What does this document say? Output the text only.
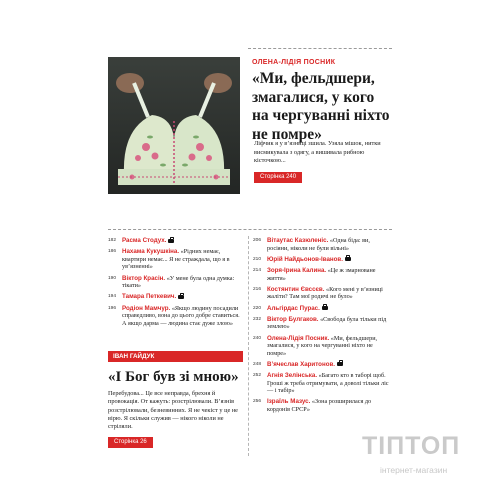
ОЛЕНА-ЛІДІЯ ПОСНИК
«Ми, фельдшери, змагалися, у кого на чергуванні ніхто не помре»

Ліфчик я у в’язниці зшила. Узяла мішок, нитки висмикувала з одягу, а вишивала рибною кісточкою...

Сторінка 240
182 Расма Стодух.
186 Нахама Кукушкіна. «Рідних немає, квартири немає... Я не страждала, що я в ув’язненні»
190 Віктор Красін. «У мене була одна думка: тікати»
194 Тамара Петкевич.
196 Родіон Мамчур. «Якщо людину посадили справедливо, вона до цього добре ставиться. А якщо дарма — людина стає дуже злою»
206 Вітаутас Казюленіс. «Одна біда: ви, росіяни, ніколи не були вільні»
210 Юрій Найдьонов-Іванов.
214 Зоря-Ірина Калина. «Це ж змарноване життя»
216 Костянтин Євссєв. «Кого мені у в’язниці жаліти? Там мої родичі не було»
220 Альгірдас Пурас.
232 Віктор Булгаков. «Свобода була тільки під землею»
240 Олена-Лідія Посник. «Ми, фельдшери, змагалися, у кого на чергуванні ніхто не помре»
248 В’ячеслав Харитонов.
252 Агнія Зелінська. «Багато кто в таборі щоб. Гроші ж треба отримувати, а доволі тільки ліс — і табір»
256 Ізраїль Мазус. «Зона розширилася до кордонів СРСР»
ІВАН ГАЙДУК
«І Бог був зі мною»

Перебудова... Це все неправда, брехня й провокація. От кажуть: розстрілювали. В’язнів розстрілювали, безневинних. Я не чекіст у це не вірю. Я скільки служив — нікого ніколи не стріляли.

Сторінка 26	ТІПТОП
інтернет-магазин
